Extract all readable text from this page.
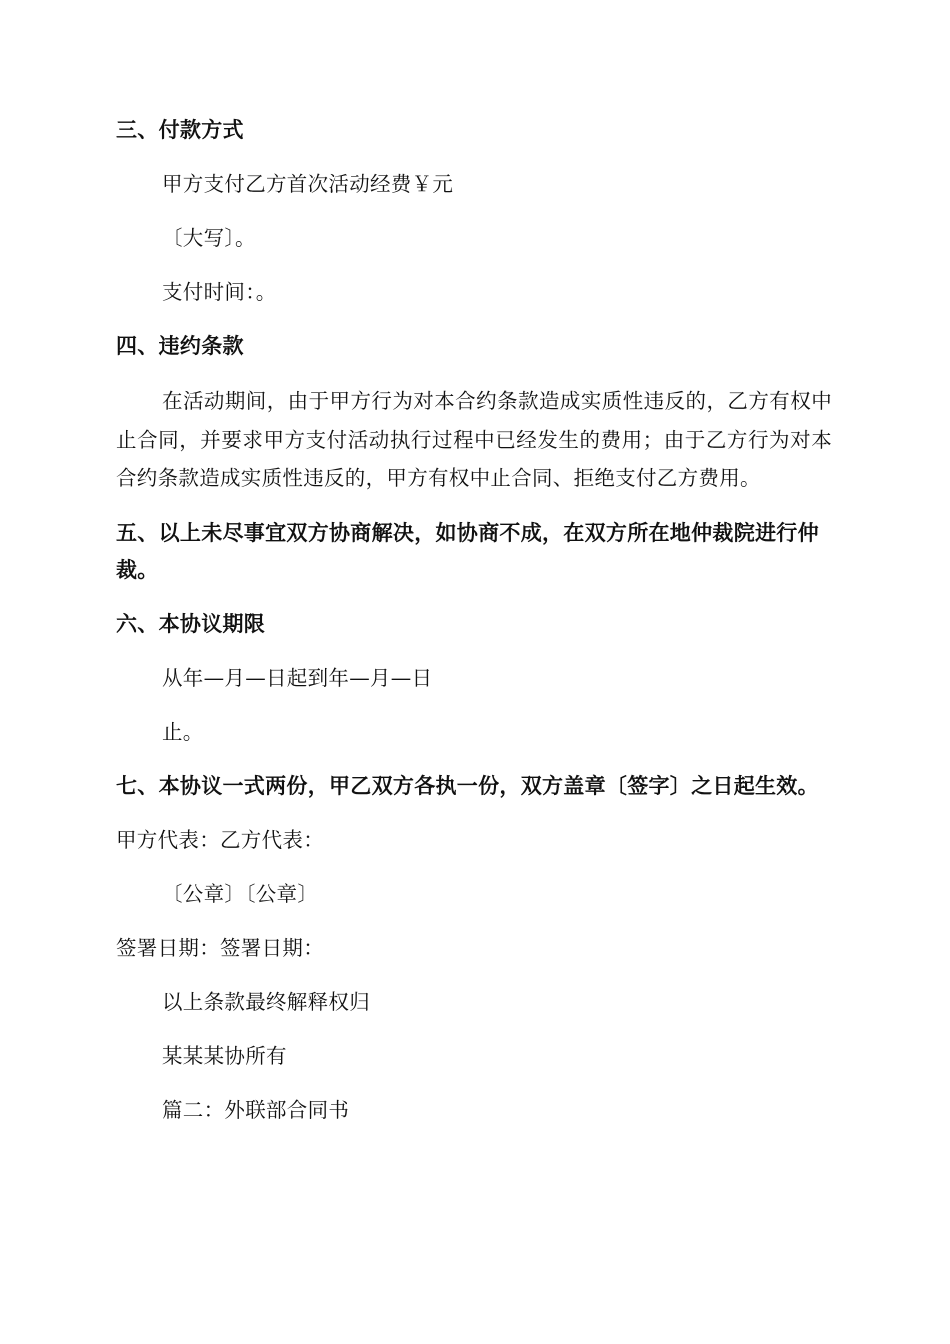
三、付款方式
甲方支付乙方首次活动经费￥元
〔大写〕。
支付时间：。
四、违约条款
在活动期间，由于甲方行为对本合约条款造成实质性违反的，乙方有权中止合同，并要求甲方支付活动执行过程中已经发生的费用；由于乙方行为对本合约条款造成实质性违反的，甲方有权中止合同、拒绝支付乙方费用。
五、以上未尽事宜双方协商解决，如协商不成，在双方所在地仲裁院进行仲裁。
六、本协议期限
从年—月—日起到年—月—日
止。
七、本协议一式两份，甲乙双方各执一份，双方盖章〔签字〕之日起生效。
甲方代表：乙方代表：
〔公章〕〔公章〕
签署日期：签署日期：
以上条款最终解释权归
某某某协所有
篇二：外联部合同书
